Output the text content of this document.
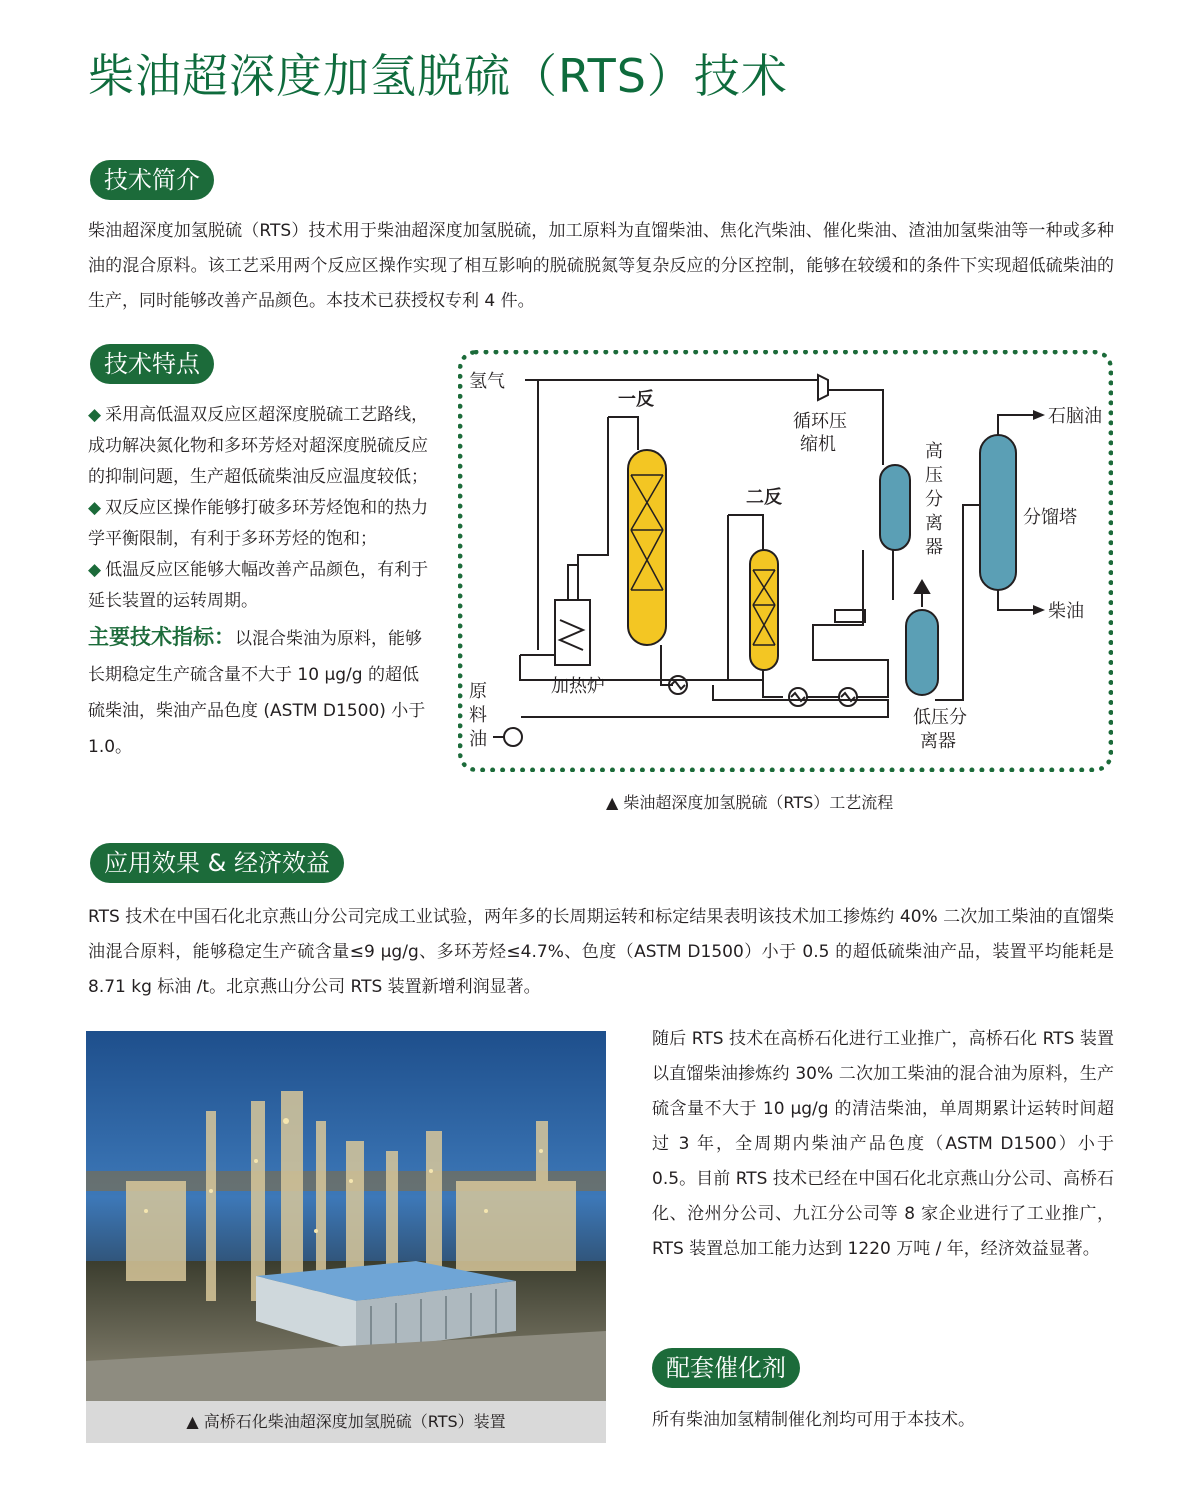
柴油超深度加氢脱硫（RTS）技术
技术简介

柴油超深度加氢脱硫（RTS）技术用于柴油超深度加氢脱硫，加工原料为直馏柴油、焦化汽柴油、催化柴油、渣油加氢柴油等一种或多种油的混合原料。该工艺采用两个反应区操作实现了相互影响的脱硫脱氮等复杂反应的分区控制，能够在较缓和的条件下实现超低硫柴油的生产，同时能够改善产品颜色。本技术已获授权专利 4 件。

技术特点

◆ 采用高低温双反应区超深度脱硫工艺路线，成功解决氮化物和多环芳烃对超深度脱硫反应的抑制问题，生产超低硫柴油反应温度较低；

◆ 双反应区操作能够打破多环芳烃饱和的热力学平衡限制，有利于多环芳烃的饱和；

◆ 低温反应区能够大幅改善产品颜色，有利于延长装置的运转周期。

主要技术指标：以混合柴油为原料，能够长期稳定生产硫含量不大于 10 μg/g 的超低硫柴油，柴油产品色度 (ASTM D1500) 小于 1.0。

氢气
一反
二反
循环压
缩机	高
压
分
离
器
石脑油
分馏塔
柴油
加热炉
原
料
油
低压分
离器
▲ 柴油超深度加氢脱硫（RTS）工艺流程
应用效果 & 经济效益

RTS 技术在中国石化北京燕山分公司完成工业试验，两年多的长周期运转和标定结果表明该技术加工掺炼约 40% 二次加工柴油的直馏柴油混合原料，能够稳定生产硫含量≤9 μg/g、多环芳烃≤4.7%、色度（ASTM D1500）小于 0.5 的超低硫柴油产品，装置平均能耗是 8.71 kg 标油 /t。北京燕山分公司 RTS 装置新增利润显著。

▲ 高桥石化柴油超深度加氢脱硫（RTS）装置

随后 RTS 技术在高桥石化进行工业推广，高桥石化 RTS 装置以直馏柴油掺炼约 30% 二次加工柴油的混合油为原料，生产硫含量不大于 10 μg/g 的清洁柴油，单周期累计运转时间超过 3 年，全周期内柴油产品色度（ASTM D1500）小于 0.5。目前 RTS 技术已经在中国石化北京燕山分公司、高桥石化、沧州分公司、九江分公司等 8 家企业进行了工业推广，RTS 装置总加工能力达到 1220 万吨 / 年，经济效益显著。

配套催化剂

所有柴油加氢精制催化剂均可用于本技术。
